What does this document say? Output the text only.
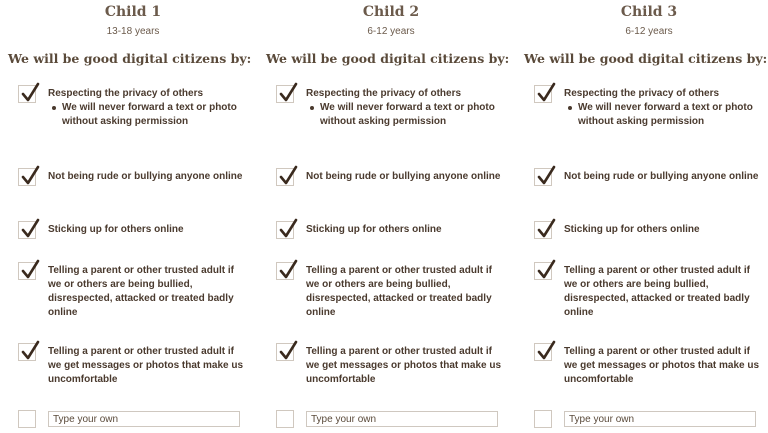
Child 1
13-18 years
We will be good digital citizens by:
Respecting the privacy of others
We will never forward a text or photo without asking permission
Not being rude or bullying anyone online
Sticking up for others online
Telling a parent or other trusted adult if we or others are being bullied, disrespected, attacked or treated badly online
Telling a parent or other trusted adult if we get messages or photos that make us uncomfortable
Type your own
Child 2
6-12 years
We will be good digital citizens by:
Respecting the privacy of others
We will never forward a text or photo without asking permission
Not being rude or bullying anyone online
Sticking up for others online
Telling a parent or other trusted adult if we or others are being bullied, disrespected, attacked or treated badly online
Telling a parent or other trusted adult if we get messages or photos that make us uncomfortable
Type your own
Child 3
6-12 years
We will be good digital citizens by:
Respecting the privacy of others
We will never forward a text or photo without asking permission
Not being rude or bullying anyone online
Sticking up for others online
Telling a parent or other trusted adult if we or others are being bullied, disrespected, attacked or treated badly online
Telling a parent or other trusted adult if we get messages or photos that make us uncomfortable
Type your own
